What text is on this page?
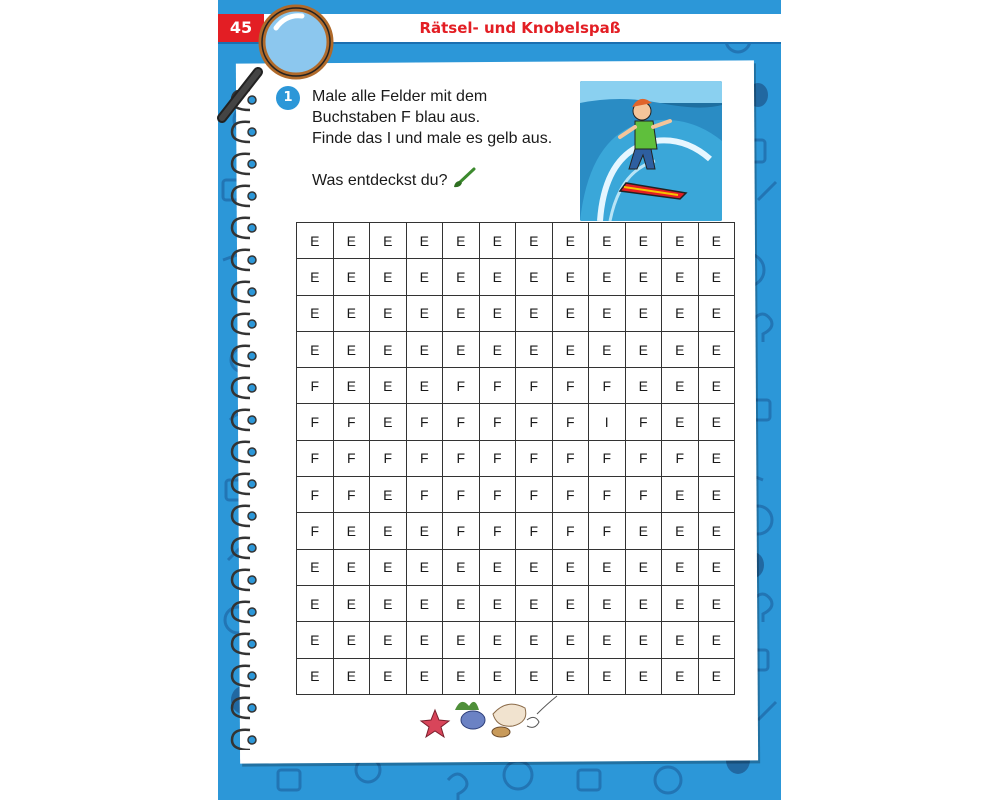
45	Rätsel- und Knobelspaß
1	Male alle Felder mit dem
Buchstaben F blau aus.
Finde das I und male es gelb aus.
Was entdeckst du?
E	E	E	E	E	E	E	E	E	E	E	E
E	E	E	E	E	E	E	E	E	E	E	E
E	E	E	E	E	E	E	E	E	E	E	E
E	E	E	E	E	E	E	E	E	E	E	E
F	E	E	E	F	F	F	F	F	E	E	E
F	F	E	F	F	F	F	F	I	F	E	E
F	F	F	F	F	F	F	F	F	F	F	E
F	F	E	F	F	F	F	F	F	F	E	E
F	E	E	E	F	F	F	F	F	E	E	E
E	E	E	E	E	E	E	E	E	E	E	E
E	E	E	E	E	E	E	E	E	E	E	E
E	E	E	E	E	E	E	E	E	E	E	E
E	E	E	E	E	E	E	E	E	E	E	E
